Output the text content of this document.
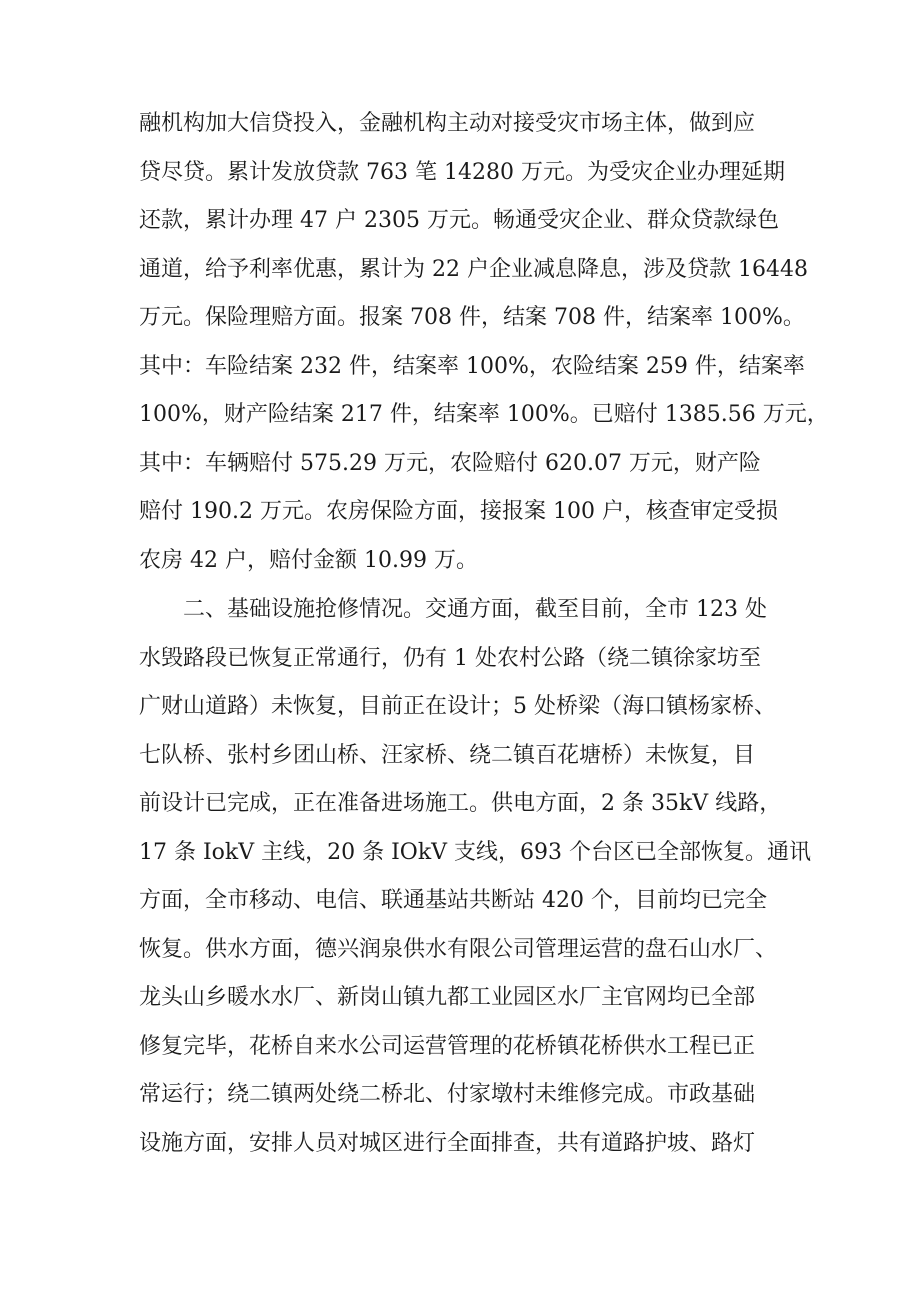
融机构加大信贷投入，金融机构主动对接受灾市场主体，做到应
贷尽贷。累计发放贷款 763 笔 14280 万元。为受灾企业办理延期
还款，累计办理 47 户 2305 万元。畅通受灾企业、群众贷款绿色
通道，给予利率优惠，累计为 22 户企业减息降息，涉及贷款 16448
万元。保险理赔方面。报案 708 件，结案 708 件，结案率 100%。
其中：车险结案 232 件，结案率 100%，农险结案 259 件，结案率
100%，财产险结案 217 件，结案率 100%。已赔付 1385.56 万元，
其中：车辆赔付 575.29 万元，农险赔付 620.07 万元，财产险
赔付 190.2 万元。农房保险方面，接报案 100 户，核查审定受损
农房 42 户，赔付金额 10.99 万。
二、基础设施抢修情况。交通方面，截至目前，全市 123 处
水毁路段已恢复正常通行，仍有 1 处农村公路（绕二镇徐家坊至
广财山道路）未恢复，目前正在设计；5 处桥梁（海口镇杨家桥、
七队桥、张村乡团山桥、汪家桥、绕二镇百花塘桥）未恢复，目
前设计已完成，正在准备进场施工。供电方面，2 条 35kV 线路，
17 条 IokV 主线，20 条 IOkV 支线，693 个台区已全部恢复。通讯
方面，全市移动、电信、联通基站共断站 420 个，目前均已完全
恢复。供水方面，德兴润泉供水有限公司管理运营的盘石山水厂、
龙头山乡暖水水厂、新岗山镇九都工业园区水厂主官网均已全部
修复完毕，花桥自来水公司运营管理的花桥镇花桥供水工程已正
常运行；绕二镇两处绕二桥北、付家墩村未维修完成。市政基础
设施方面，安排人员对城区进行全面排查，共有道路护坡、路灯
